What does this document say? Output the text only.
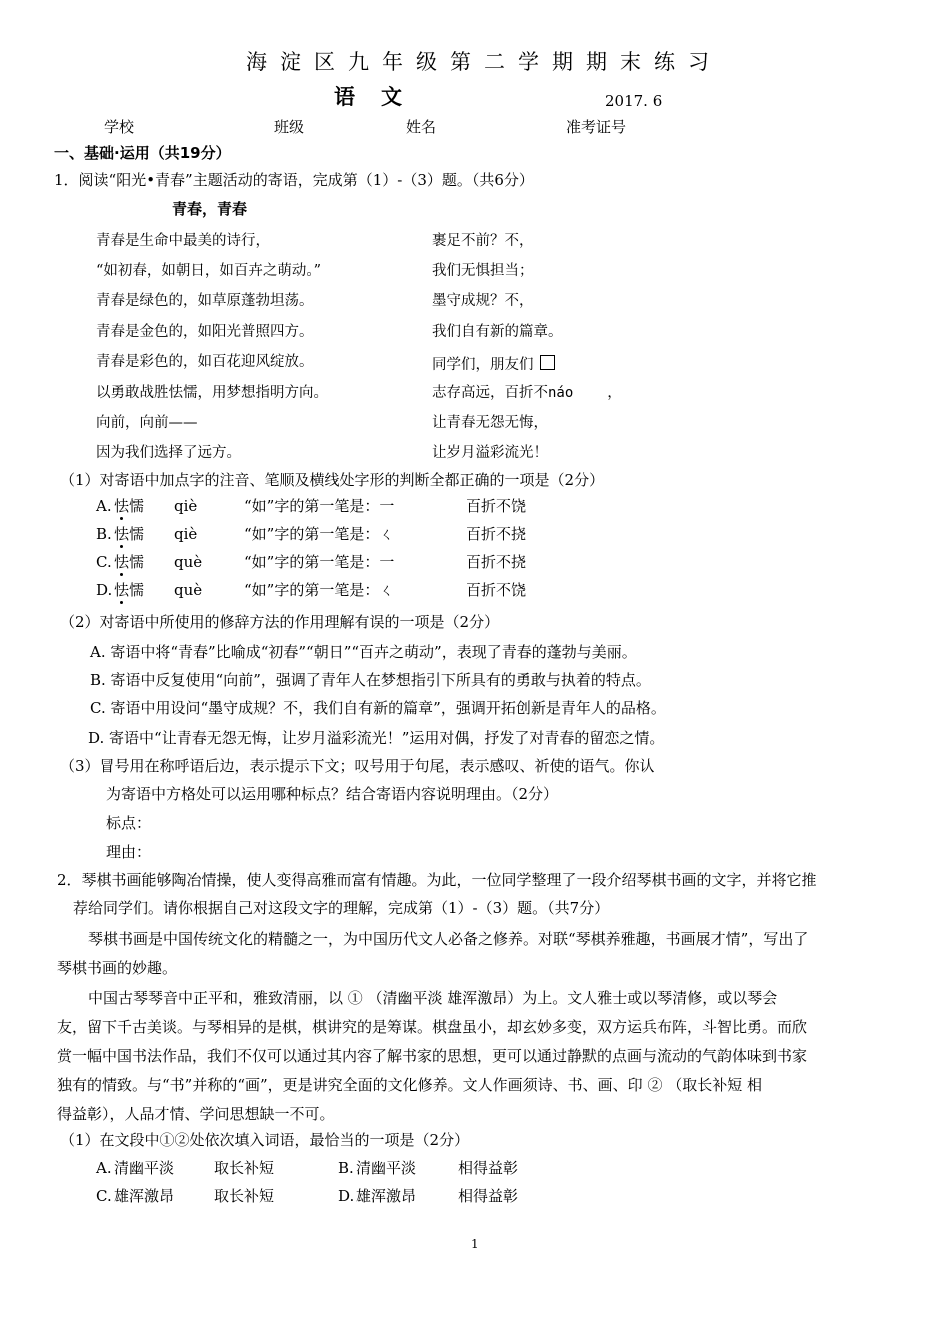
海淀区九年级第二学期期末练习
语文	2017. 6
学校	班级	姓名	准考证号
一、基础·运用（共19分）
1．阅读“阳光•青春”主题活动的寄语，完成第（1）-（3）题。（共6分）
青春，青春
青春是生命中最美的诗行，
“如初春，如朝日，如百卉之萌动。”
青春是绿色的，如草原蓬勃坦荡。
青春是金色的，如阳光普照四方。
青春是彩色的，如百花迎风绽放。
以勇敢战胜怯懦，用梦想指明方向。
向前，向前——
因为我们选择了远方。
裹足不前？不，
我们无惧担当；
墨守成规？不，
我们自有新的篇章。
同学们，朋友们
志存高远，百折不náo ，
让青春无怨无悔，
让岁月溢彩流光！
（1）对寄语中加点字的注音、笔顺及横线处字形的判断全都正确的一项是（2分）
A. 怯懦 qiè	“如”字的第一笔是：一	百折不饶
B. 怯懦 qiè	“如”字的第一笔是：ㄑ	百折不挠
C. 怯懦 què	“如”字的第一笔是：一	百折不挠
D. 怯懦 què	“如”字的第一笔是：ㄑ	百折不饶
（2）对寄语中所使用的修辞方法的作用理解有误的一项是（2分）
A. 寄语中将“青春”比喻成“初春”“朝日”“百卉之萌动”，表现了青春的蓬勃与美丽。
B. 寄语中反复使用“向前”，强调了青年人在梦想指引下所具有的勇敢与执着的特点。
C. 寄语中用设问“墨守成规？不，我们自有新的篇章”，强调开拓创新是青年人的品格。
D. 寄语中“让青春无怨无悔，让岁月溢彩流光！”运用对偶，抒发了对青春的留恋之情。
（3）冒号用在称呼语后边，表示提示下文；叹号用于句尾，表示感叹、祈使的语气。你认
为寄语中方格处可以运用哪种标点？结合寄语内容说明理由。（2分）
标点：
理由：
2．琴棋书画能够陶冶情操，使人变得高雅而富有情趣。为此，一位同学整理了一段介绍琴棋书画的文字，并将它推
荐给同学们。请你根据自己对这段文字的理解，完成第（1）-（3）题。（共7分）
琴棋书画是中国传统文化的精髓之一，为中国历代文人必备之修养。对联“琴棋养雅趣，书画展才情”，写出了
琴棋书画的妙趣。
中国古琴琴音中正平和，雅致清丽，以 ① （清幽平淡 雄浑激昂）为上。文人雅士或以琴清修，或以琴会
友，留下千古美谈。与琴相异的是棋，棋讲究的是筹谋。棋盘虽小，却玄妙多变，双方运兵布阵，斗智比勇。而欣
赏一幅中国书法作品，我们不仅可以通过其内容了解书家的思想，更可以通过静默的点画与流动的气韵体味到书家
独有的情致。与“书”并称的“画”，更是讲究全面的文化修养。文人作画须诗、书、画、印 ② （取长补短 相
得益彰），人品才情、学问思想缺一不可。
（1）在文段中①②处依次填入词语，最恰当的一项是（2分）
A. 清幽平淡	取长补短	B. 清幽平淡	相得益彰
C. 雄浑激昂	取长补短	D. 雄浑激昂	相得益彰
1
